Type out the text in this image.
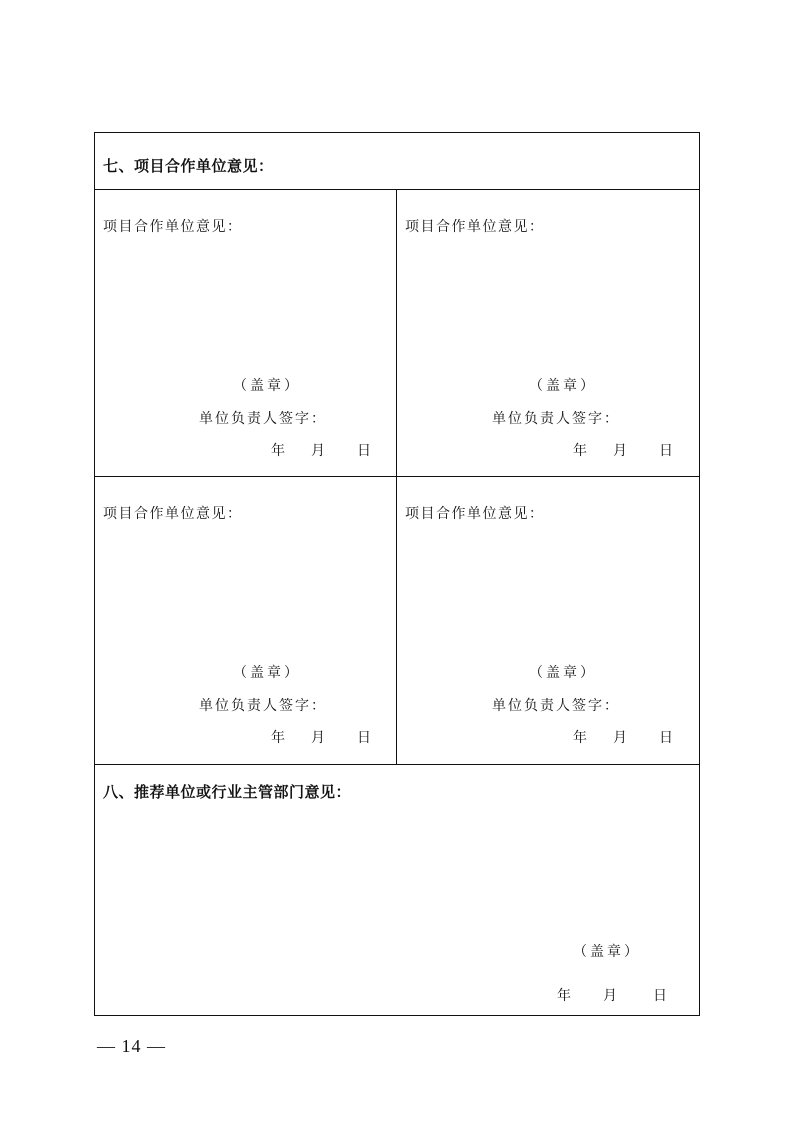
七、项目合作单位意见：
项目合作单位意见：
（盖章）
单位负责人签字：
年 月 日
项目合作单位意见：
（盖章）
单位负责人签字：
年 月 日
项目合作单位意见：
（盖章）
单位负责人签字：
年 月 日
项目合作单位意见：
（盖章）
单位负责人签字：
年 月 日
八、推荐单位或行业主管部门意见：
（盖章）
年 月	日
— 14 —
